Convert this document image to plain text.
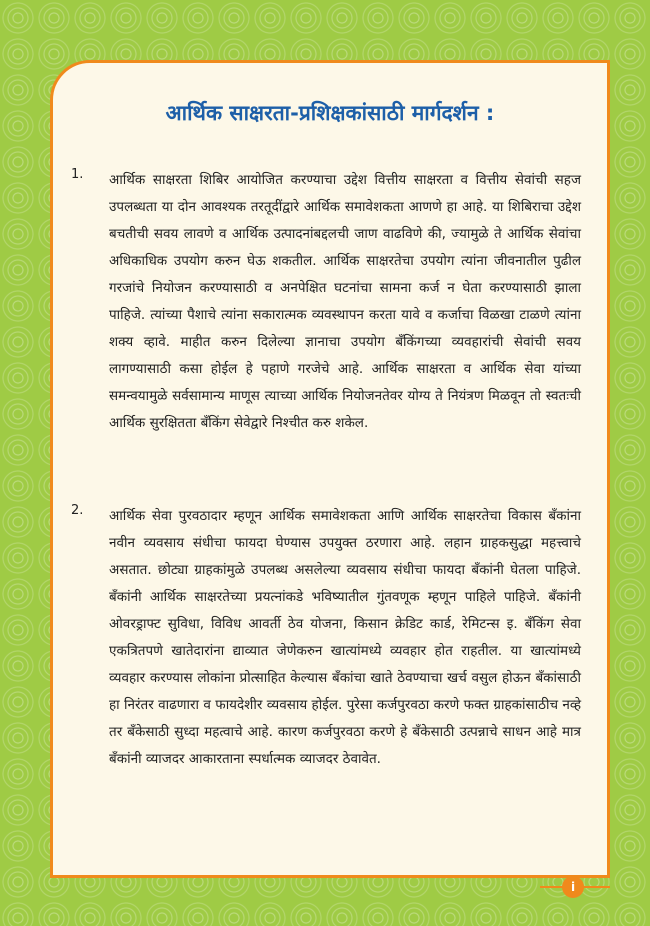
आर्थिक साक्षरता-प्रशिक्षकांसाठी मार्गदर्शन :
1. आर्थिक साक्षरता शिबिर आयोजित करण्याचा उद्देश वित्तीय साक्षरता व वित्तीय सेवांची सहज उपलब्धता या दोन आवश्यक तरतूदींद्वारे आर्थिक समावेशकता आणणे हा आहे. या शिबिराचा उद्देश बचतीची सवय लावणे व आर्थिक उत्पादनांबद्दलची जाण वाढविणे की, ज्यामुळे ते आर्थिक सेवांचा अधिकाधिक उपयोग करुन घेऊ शकतील. आर्थिक साक्षरतेचा उपयोग त्यांना जीवनातील पुढील गरजांचे नियोजन करण्यासाठी व अनपेक्षित घटनांचा सामना कर्ज न घेता करण्यासाठी झाला पाहिजे. त्यांच्या पैशाचे त्यांना सकारात्मक व्यवस्थापन करता यावे व कर्जाचा विळखा टाळणे त्यांना शक्य व्हावे. माहीत करुन दिलेल्या ज्ञानाचा उपयोग बँकिंगच्या व्यवहारांची सेवांची सवय लागण्यासाठी कसा होईल हे पहाणे गरजेचे आहे. आर्थिक साक्षरता व आर्थिक सेवा यांच्या समन्वयामुळे सर्वसामान्य माणूस त्याच्या आर्थिक नियोजनतेवर योग्य ते नियंत्रण मिळवून तो स्वतःची आर्थिक सुरक्षितता बँकिंग सेवेद्वारे निश्चीत करु शकेल.

2. आर्थिक सेवा पुरवठादार म्हणून आर्थिक समावेशकता आणि आर्थिक साक्षरतेचा विकास बँकांना नवीन व्यवसाय संधीचा फायदा घेण्यास उपयुक्त ठरणारा आहे. लहान ग्राहकसुद्धा महत्त्वाचे असतात. छोट्या ग्राहकांमुळे उपलब्ध असलेल्या व्यवसाय संधीचा फायदा बँकांनी घेतला पाहिजे. बँकांनी आर्थिक साक्षरतेच्या प्रयत्नांकडे भविष्यातील गुंतवणूक म्हणून पाहिले पाहिजे. बँकांनी ओवरड्राफ्ट सुविधा, विविध आवर्ती ठेव योजना, किसान क्रेडिट कार्ड, रेमिटन्स इ. बँकिंग सेवा एकत्रितपणे खातेदारांना द्याव्यात जेणेकरुन खात्यांमध्ये व्यवहार होत राहतील. या खात्यांमध्ये व्यवहार करण्यास लोकांना प्रोत्साहित केल्यास बँकांचा खाते ठेवण्याचा खर्च वसुल होऊन बँकांसाठी हा निरंतर वाढणारा व फायदेशीर व्यवसाय होईल. पुरेसा कर्जपुरवठा करणे फक्त ग्राहकांसाठीच नव्हे तर बँकेसाठी सुध्दा महत्वाचे आहे. कारण कर्जपुरवठा करणे हे बँकेसाठी उत्पन्नाचे साधन आहे मात्र बँकांनी व्याजदर आकारताना स्पर्धात्मक व्याजदर ठेवावेत.

i
